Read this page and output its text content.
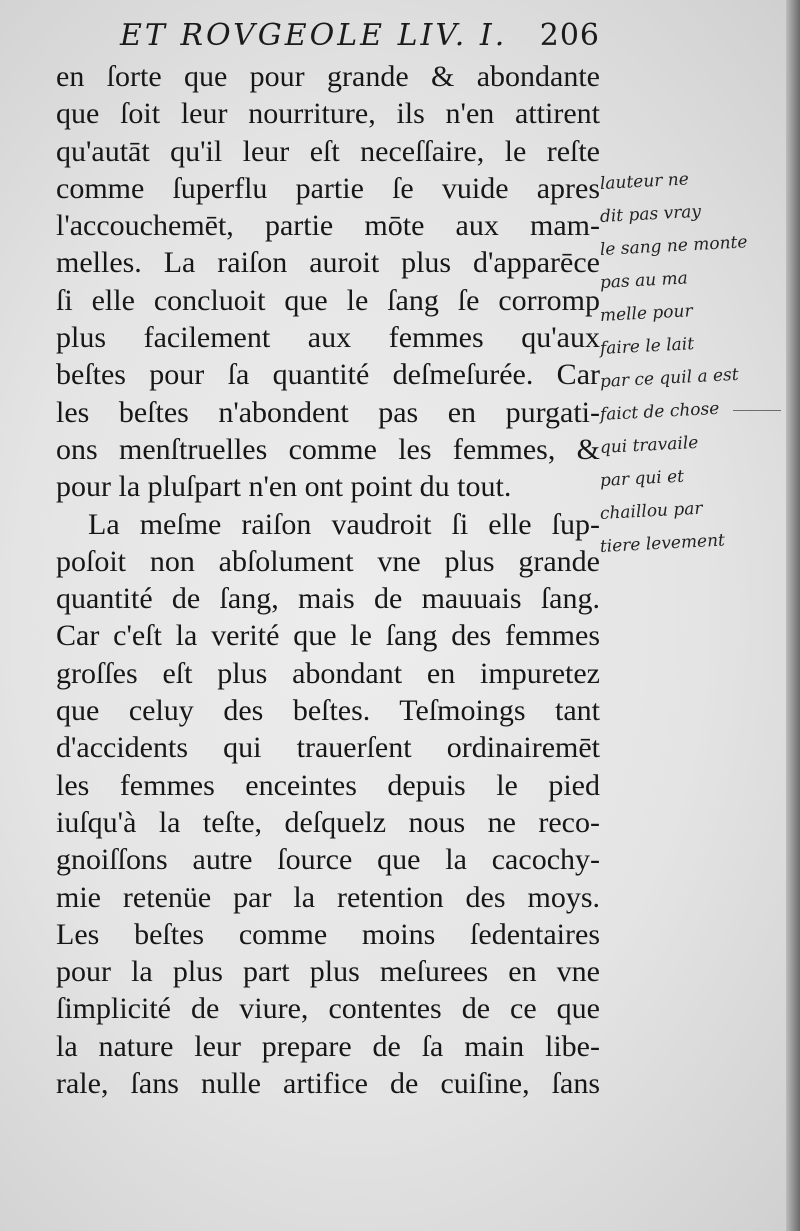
ET ROVGEOLE LIV. I. 206
en ſorte que pour grande & abondante
que ſoit leur nourriture, ils n'en attirent
qu'autāt qu'il leur eſt neceſſaire, le reſte
comme ſuperflu partie ſe vuide apres
l'accouchemēt, partie mōte aux mam-
melles. La raiſon auroit plus d'apparēce
ſi elle concluoit que le ſang ſe corromp
plus facilement aux femmes qu'aux
beſtes pour ſa quantité deſmeſurée. Car
les beſtes n'abondent pas en purgati-
ons menſtruelles comme les femmes, &
pour la pluſpart n'en ont point du tout.
La meſme raiſon vaudroit ſi elle ſup-
poſoit non abſolument vne plus grande
quantité de ſang, mais de mauuais ſang.
Car c'eſt la verité que le ſang des femmes
groſſes eſt plus abondant en impuretez
que celuy des beſtes. Teſmoings tant
d'accidents qui trauerſent ordinairemēt
les femmes enceintes depuis le pied
iuſqu'à la teſte, deſquelz nous ne reco-
gnoiſſons autre ſource que la cacochy-
mie retenüe par la retention des moys.
Les beſtes comme moins ſedentaires
pour la plus part plus meſurees en vne
ſimplicité de viure, contentes de ce que
la nature leur prepare de ſa main libe-
rale, ſans nulle artifice de cuiſine, ſans
lauteur ne
dit pas vray
le sang ne monte
pas au ma
melle pour
faire le lait
par ce quil a est
faict de chose
qui travaile
par qui et
chaillou par
tiere levement
